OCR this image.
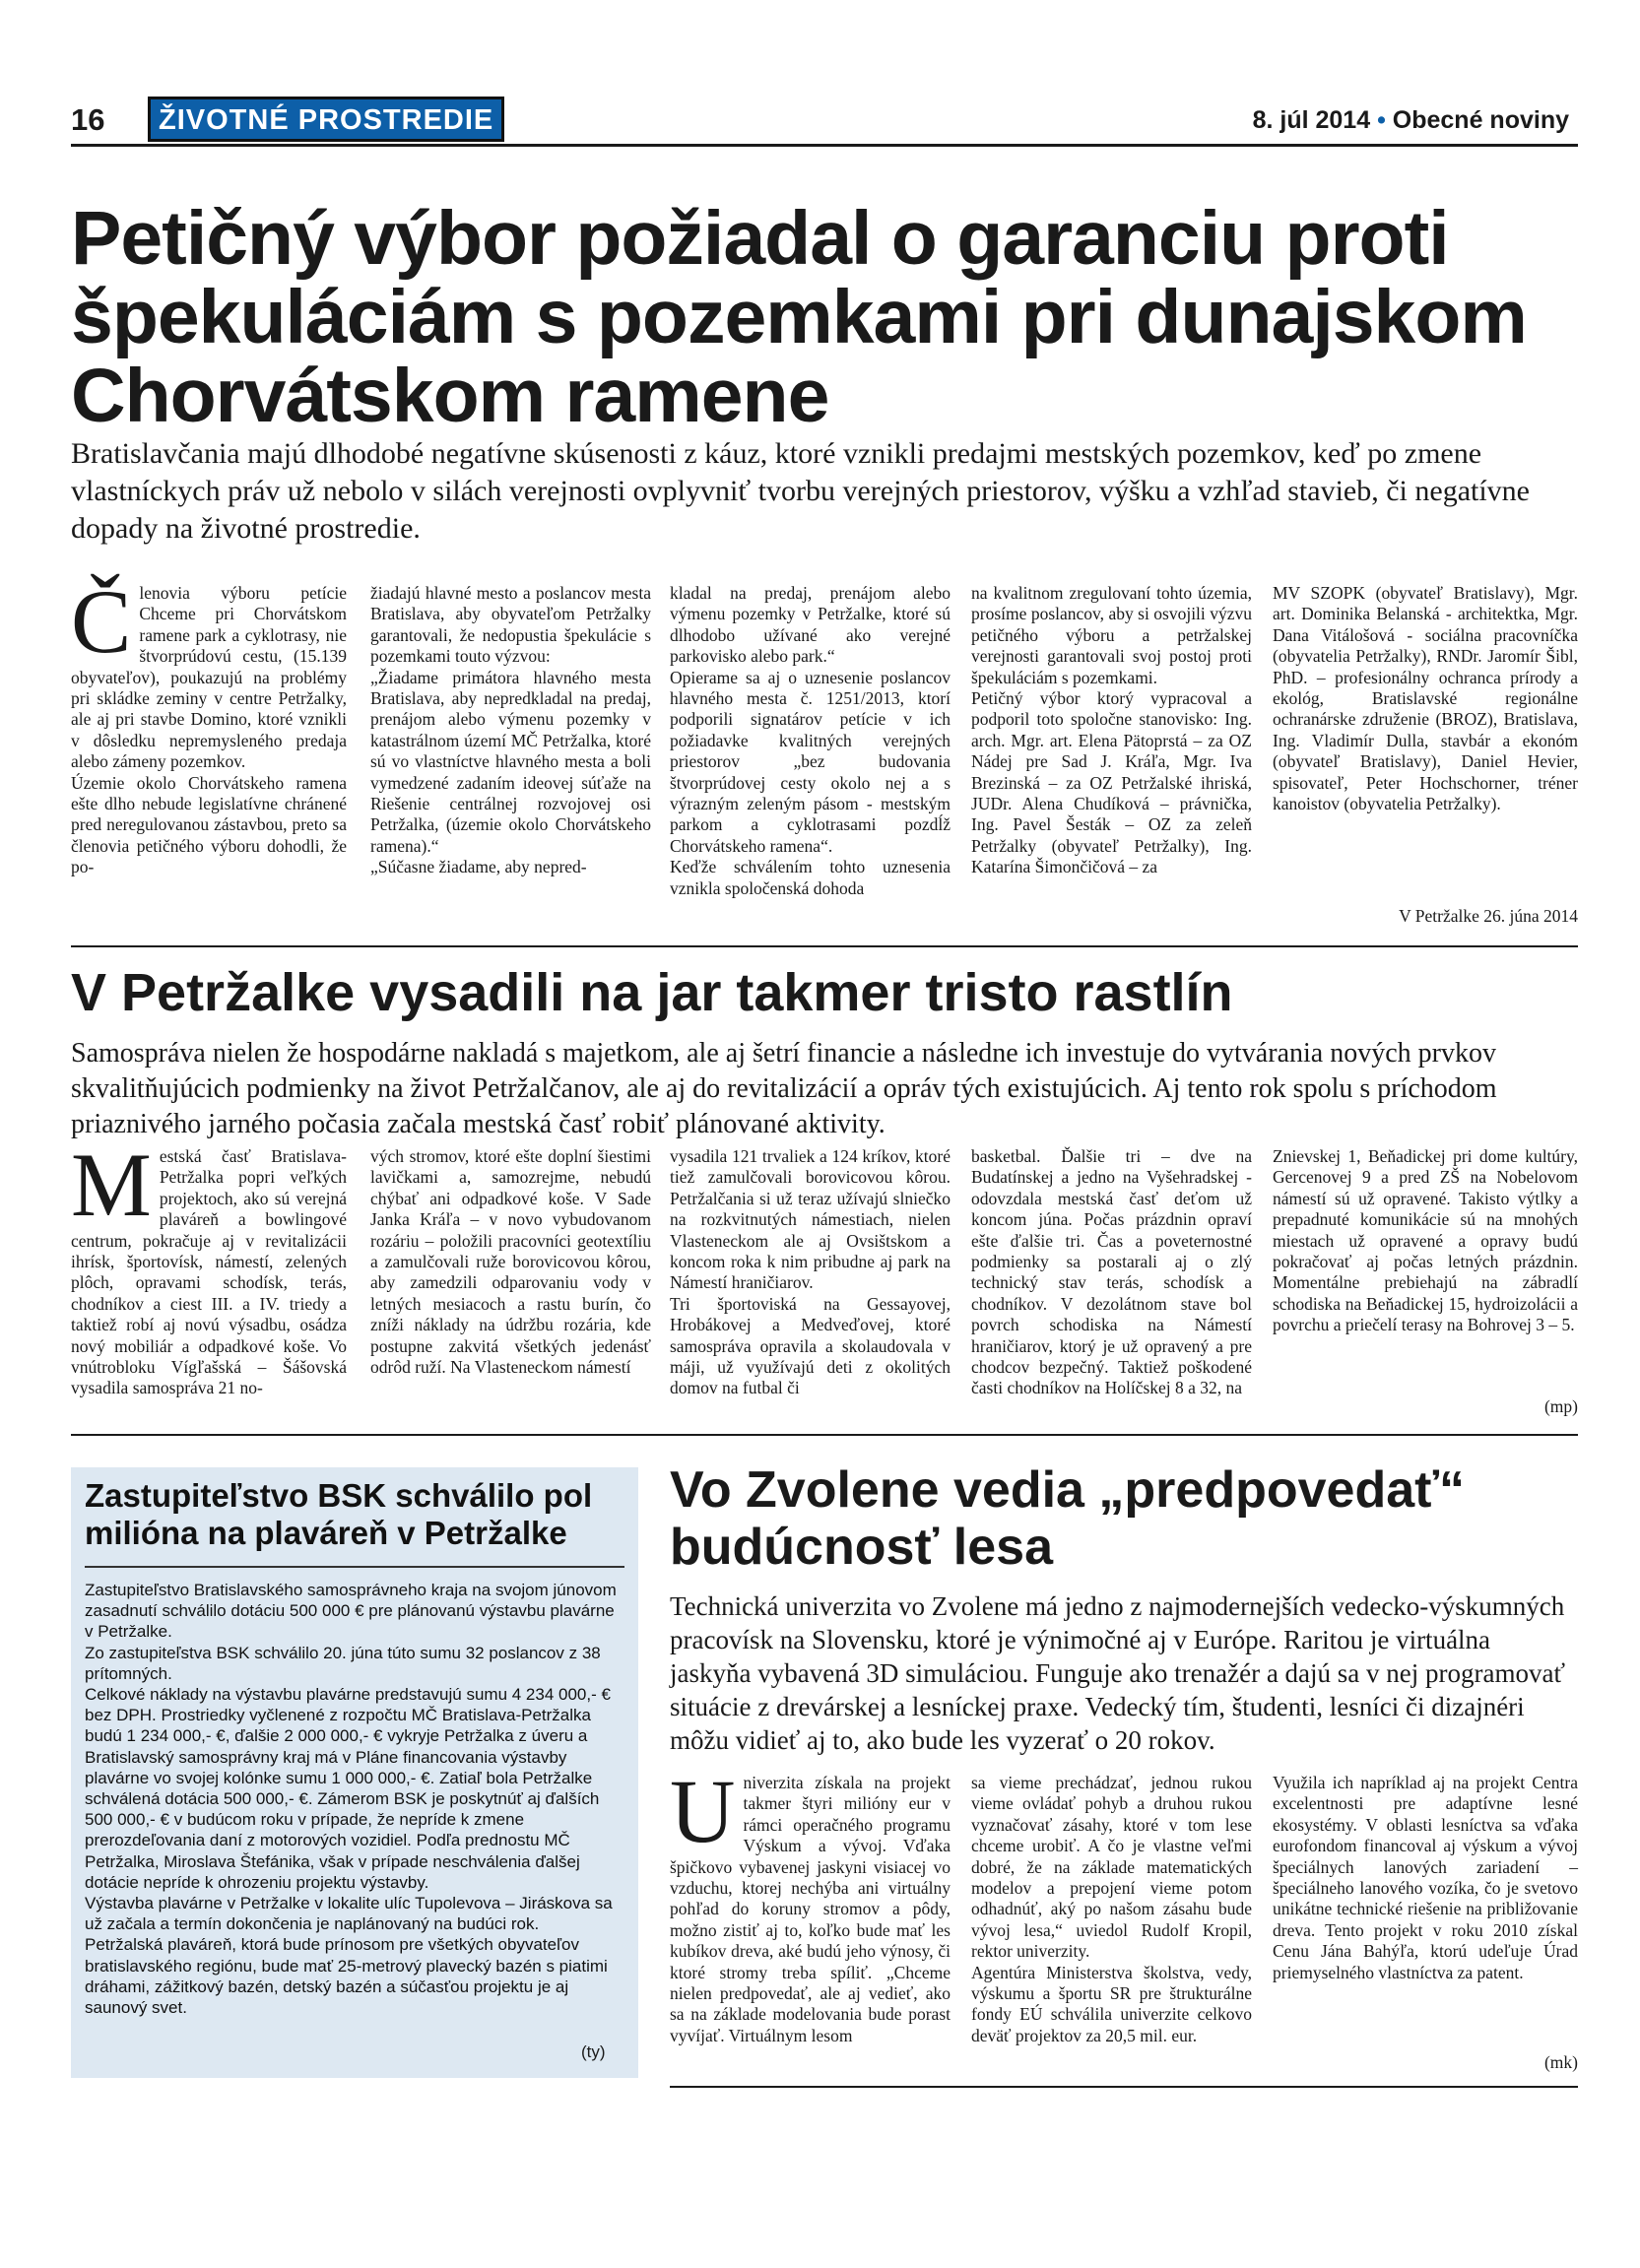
16	ŽIVOTNÉ PROSTREDIE	8. júl 2014 • Obecné noviny
Petičný výbor požiadal o garanciu proti špekuláciám s pozemkami pri dunajskom Chorvátskom ramene
Bratislavčania majú dlhodobé negatívne skúsenosti z káuz, ktoré vznikli predajmi mestských pozemkov, keď po zmene vlastníckych práv už nebolo v silách verejnosti ovplyvniť tvorbu verejných priestorov, výšku a vzhľad stavieb, či negatívne dopady na životné prostredie.
Č lenovia výboru petície Chceme pri Chorvátskom ramene park a cyklotrasy, nie štvorprúdovú cestu, (15.139 obyvateľov), poukazujú na problémy pri skládke zeminy v centre Petržalky, ale aj pri stavbe Domino, ktoré vznikli v dôsledku nepremysleného predaja alebo zámeny pozemkov.
Územie okolo Chorvátskeho ramena ešte dlho nebude legislatívne chránené pred neregulovanou zástavbou, preto sa členovia petičného výboru dohodli, že po-
žiadajú hlavné mesto a poslancov mesta Bratislava, aby obyvateľom Petržalky garantovali, že nedopustia špekulácie s pozemkami touto výzvou:
„Žiadame primátora hlavného mesta Bratislava, aby nepredkladal na predaj, prenájom alebo výmenu pozemky v katastrálnom území MČ Petržalka, ktoré sú vo vlastníctve hlavného mesta a boli vymedzené zadaním ideovej súťaže na Riešenie centrálnej rozvojovej osi Petržalka, (územie okolo Chorvátskeho ramena).“
„Súčasne žiadame, aby nepred-
kladal na predaj, prenájom alebo výmenu pozemky v Petržalke, ktoré sú dlhodobo užívané ako verejné parkovisko alebo park.“
Opierame sa aj o uznesenie poslancov hlavného mesta č. 1251/2013, ktorí podporili signatárov petície v ich požiadavke kvalitných verejných priestorov „bez budovania štvorprúdovej cesty okolo nej a s výrazným zeleným pásom - mestským parkom a cyklotrasami pozdĺž Chorvátskeho ramena“.
Keďže schválením tohto uznesenia vznikla spoločenská dohoda
na kvalitnom zregulovaní tohto územia, prosíme poslancov, aby si osvojili výzvu petičného výboru a petržalskej verejnosti garantovali svoj postoj proti špekuláciám s pozemkami.
Petičný výbor ktorý vypracoval a podporil toto spoločne stanovisko: Ing. arch. Mgr. art. Elena Pätoprstá – za OZ Nádej pre Sad J. Kráľa, Mgr. Iva Brezinská – za OZ Petržalské ihriská, JUDr. Alena Chudíková – právnička, Ing. Pavel Šesták – OZ za zeleň Petržalky (obyvateľ Petržalky), Ing. Katarína Šimončičová – za
MV SZOPK (obyvateľ Bratislavy), Mgr. art. Dominika Belanská - architektka, Mgr. Dana Vitálošová - sociálna pracovníčka (obyvatelia Petržalky), RNDr. Jaromír Šibl, PhD. – profesionálny ochranca prírody a ekológ, Bratislavské regionálne ochranárske združenie (BROZ), Bratislava, Ing. Vladimír Dulla, stavbár a ekonóm (obyvateľ Bratislavy), Daniel Hevier, spisovateľ, Peter Hochschorner, tréner kanoistov (obyvatelia Petržalky).
V Petržalke 26. júna 2014
V Petržalke vysadili na jar takmer tristo rastlín
Samospráva nielen že hospodárne nakladá s majetkom, ale aj šetrí financie a následne ich investuje do vytvárania nových prvkov skvalitňujúcich podmienky na život Petržalčanov, ale aj do revitalizácií a opráv tých existujúcich. Aj tento rok spolu s príchodom priaznivého jarného počasia začala mestská časť robiť plánované aktivity.
M estská časť Bratislava-Petržalka popri veľkých projektoch, ako sú verejná plaváreň a bowlingové centrum, pokračuje aj v revitalizácii ihrísk, športovísk, námestí, zelených plôch, opravami schodísk, terás, chodníkov a ciest III. a IV. triedy a taktiež robí aj novú výsadbu, osádza nový mobiliár a odpadkové koše. Vo vnútrobloku Vígľašská – Šášovská vysadila samospráva 21 no-
vých stromov, ktoré ešte doplní šiestimi lavičkami a, samozrejme, nebudú chýbať ani odpadkové koše. V Sade Janka Kráľa – v novo vybudovanom rozáriu – položili pracovníci geotextíliu a zamulčovali ruže borovicovou kôrou, aby zamedzili odparovaniu vody v letných mesiacoch a rastu burín, čo zníži náklady na údržbu rozária, kde postupne zakvitá všetkých jedenásť odrôd ruží. Na Vlasteneckom námestí
vysadila 121 trvaliek a 124 kríkov, ktoré tiež zamulčovali borovicovou kôrou. Petržalčania si už teraz užívajú slniečko na rozkvitnutých námestiach, nielen Vlasteneckom ale aj Ovsištskom a koncom roka k nim pribudne aj park na Námestí hraničiarov.
Tri športoviská na Gessayovej, Hrobákovej a Medveďovej, ktoré samospráva opravila a skolaudovala v máji, už využívajú deti z okolitých domov na futbal či
basketbal. Ďalšie tri – dve na Budatínskej a jedno na Vyšehradskej - odovzdala mestská časť deťom už koncom júna. Počas prázdnin opraví ešte ďalšie tri. Čas a poveternostné podmienky sa postarali aj o zlý technický stav terás, schodísk a chodníkov. V dezolátnom stave bol povrch schodiska na Námestí hraničiarov, ktorý je už opravený a pre chodcov bezpečný. Taktiež poškodené časti chodníkov na Holíčskej 8 a 32, na
Znievskej 1, Beňadickej pri dome kultúry, Gercenovej 9 a pred ZŠ na Nobelovom námestí sú už opravené. Takisto výtlky a prepadnuté komunikácie sú na mnohých miestach už opravené a opravy budú pokračovať aj počas letných prázdnin. Momentálne prebiehajú na zábradlí schodiska na Beňadickej 15, hydroizolácii a povrchu a priečelí terasy na Bohrovej 3 – 5.
(mp)
Zastupiteľstvo BSK schválilo pol milióna na plaváreň v Petržalke
Zastupiteľstvo Bratislavského samosprávneho kraja na svojom júnovom zasadnutí schválilo dotáciu 500 000 € pre plánovanú výstavbu plavárne v Petržalke.
Zo zastupiteľstva BSK schválilo 20. júna túto sumu 32 poslancov z 38 prítomných.
Celkové náklady na výstavbu plavárne predstavujú sumu 4 234 000,- € bez DPH. Prostriedky vyčlenené z rozpočtu MČ Bratislava-Petržalka budú 1 234 000,- €, ďalšie 2 000 000,- € vykryje Petržalka z úveru a Bratislavský samosprávny kraj má v Pláne financovania výstavby plavárne vo svojej kolónke sumu 1 000 000,- €. Zatiaľ bola Petržalke schválená dotácia 500 000,- €. Zámerom BSK je poskytnúť aj ďalších 500 000,- € v budúcom roku v prípade, že nepríde k zmene prerozdeľovania daní z motorových vozidiel. Podľa prednostu MČ Petržalka, Miroslava Štefánika, však v prípade neschválenia ďalšej dotácie nepríde k ohrozeniu projektu výstavby.
Výstavba plavárne v Petržalke v lokalite ulíc Tupolevova – Jiráskova sa už začala a termín dokončenia je naplánovaný na budúci rok. Petržalská plaváreň, ktorá bude prínosom pre všetkých obyvateľov bratislavského regiónu, bude mať 25-metrový plavecký bazén s piatimi dráhami, zážitkový bazén, detský bazén a súčasťou projektu je aj saunový svet.
(ty)
Vo Zvolene vedia „predpovedať“ budúcnosť lesa
Technická univerzita vo Zvolene má jedno z najmodernejších vedecko-výskumných pracovísk na Slovensku, ktoré je výnimočné aj v Európe. Raritou je virtuálna jaskyňa vybavená 3D simuláciou. Funguje ako trenažér a dajú sa v nej programovať situácie z drevárskej a lesníckej praxe. Vedecký tím, študenti, lesníci či dizajnéri môžu vidieť aj to, ako bude les vyzerať o 20 rokov.
U niverzita získala na projekt takmer štyri milióny eur v rámci operačného programu Výskum a vývoj. Vďaka špičkovo vybavenej jaskyni visiacej vo vzduchu, ktorej nechýba ani virtuálny pohľad do koruny stromov a pôdy, možno zistiť aj to, koľko bude mať les kubíkov dreva, aké budú jeho výnosy, či ktoré stromy treba spíliť. „Chceme nielen predpovedať, ale aj vedieť, ako sa na základe modelovania bude porast vyvíjať. Virtuálnym lesom
sa vieme prechádzať, jednou rukou vieme ovládať pohyb a druhou rukou vyznačovať zásahy, ktoré v tom lese chceme urobiť. A čo je vlastne veľmi dobré, že na základe matematických modelov a prepojení vieme potom odhadnúť, aký po našom zásahu bude vývoj lesa,“ uviedol Rudolf Kropil, rektor univerzity.
Agentúra Ministerstva školstva, vedy, výskumu a športu SR pre štrukturálne fondy EÚ schválila univerzite celkovo deväť projektov za 20,5 mil. eur.
Využila ich napríklad aj na projekt Centra excelentnosti pre adaptívne lesné ekosystémy. V oblasti lesníctva sa vďaka eurofondom financoval aj výskum a vývoj špeciálnych lanových zariadení – špeciálneho lanového vozíka, čo je svetovo unikátne technické riešenie na približovanie dreva. Tento projekt v roku 2010 získal Cenu Jána Bahýľa, ktorú udeľuje Úrad priemyselného vlastníctva za patent.
(mk)
